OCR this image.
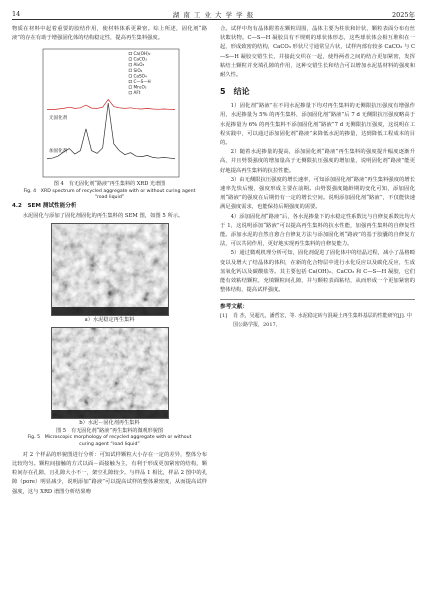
14	湖 南 工 业 大 学 学 报	2025年

物质在材料中起着重要的胶结作用，使材料体系更紧密。综上所述，固化剂“路液”的存在有助于增强固化体的结构稳定性，提高再生集料强度。

Ca(OH)₂
CaCO₃
Al₂O₃
SiO₂
CaSO₄
C—S—H
Mn₂O₃
AFt
无固化剂
加固化剂
图 4　有无固化剂“路液”再生集料的 XRD 光谱图
Fig. 4　XRD spectrum of recycled aggregate with or without curing agent “road liquid”
4.2　SEM 测试性能分析

水泥固化与添加了固化剂固化的再生集料的 SEM 图，如图 5 所示。

a）水泥稳定再生集料
b）水泥－固化剂再生集料
图 5　有无固化剂“路液”再生集料的微观形貌图
Fig. 5　Microscopic morphology of recycled aggregate with or without curing agent “road liquid”

对 2 个样品的形貌图进行分析：可知试样颗粒大小存在一定的差异，整体分布比较均匀。颗粒间接触的方式以面－面接触为主，有利于形成更加紧密的结构，颗粒间存在孔隙，且孔隙大小不一，架空孔隙较少。与样品 1 相比，样品 2 图中的孔隙（pore）明显减少，说明添加“路液”可以提高试样的整体紧密度，从而提高试样强度，这与 XRD 谱图分析结果吻

合。试样中均有晶体附着在颗粒周围，晶体主要为柱状和针状，颗粒表面分布有丝状絮状物。C—S—H 凝胶具有不规则的球状体形态，这些球状体会相互堆积在一起，形成致密的结构，CaCO₃ 形状尺寸通常呈片状，试样内部有较多 CaCO₃ 与 C—S—H 凝胶交错生长，并接此交织在一起，使得两者之间的结合更加紧密，发挥粘结土颗粒并充填孔隙的作用，这种交错生长和结合可以增加水泥基材料的强度和耐久性。

5　结论

1）固化剂“路液”在不同水泥掺量下均对再生集料的无侧限抗压强度有增强作用，水泥掺量为 5% 的再生集料，添加固化剂“路液”后 7 d 无侧限抗压强度略高于水泥掺量为 6% 的再生集料不添加固化剂“路液”7 d 无侧限抗压强度，这说明在工程实践中，可以通过添加固化剂“路液”来降低水泥的掺量，达到降低工程成本的目的。

2）随着水泥掺量的提高，添加固化剂“路液”再生集料的强度提升幅度逐渐升高，并且劈裂强度的增加量高于无侧限抗压强度的增加量，说明固化剂“路液”能更好地提高再生集料的抗拉性能。

3）由无侧限抗压强度的增长速率，可知添加固化剂“路液”再生集料强度的增长速率先快后慢，强度形成主要在前期。由劈裂强度随龄期的变化可知，添加固化剂“路液”的强度在后期仍有一定的增长空间。说明添加固化剂“路液”，不仅能快速满足强度需求，也能保持后期强度的需要。

4）添加固化剂“路液”后，各水泥掺量下的水稳定性系数比与自修复系数比均大于 1，这说明添加“路液”可以提高再生集料的抗水性能，加强再生集料的自修复性能。添加水泥的自然自愈合自修复方法与添加固化剂“路液”的基于胶囊的自修复方法，可以共同作用，更好地实现再生集料的自修复能力。

5）通过微观机理分析可知，固化剂促进了固化体中的结晶过程，减小了晶格畸变以及增大了结晶体的体积，在新的化合物层中进行水化反应以及碳化反应，生成氢氧化钙以及碳酸盐等。其主要包括 Ca(OH)₂、CaCO₃ 和 C—S—H 凝胶，它们能有效粘结颗粒，充填颗粒间孔隙，并与颗粒表面粘结，从而形成一个更加紧密的整体结构，提高试样强度。

参考文献：
[1]	肖 杰，吴超凡，潘哲宏，等. 水泥稳定砖与混凝土再生集料基层的性能研究[J]. 中国公路学报，2017,
